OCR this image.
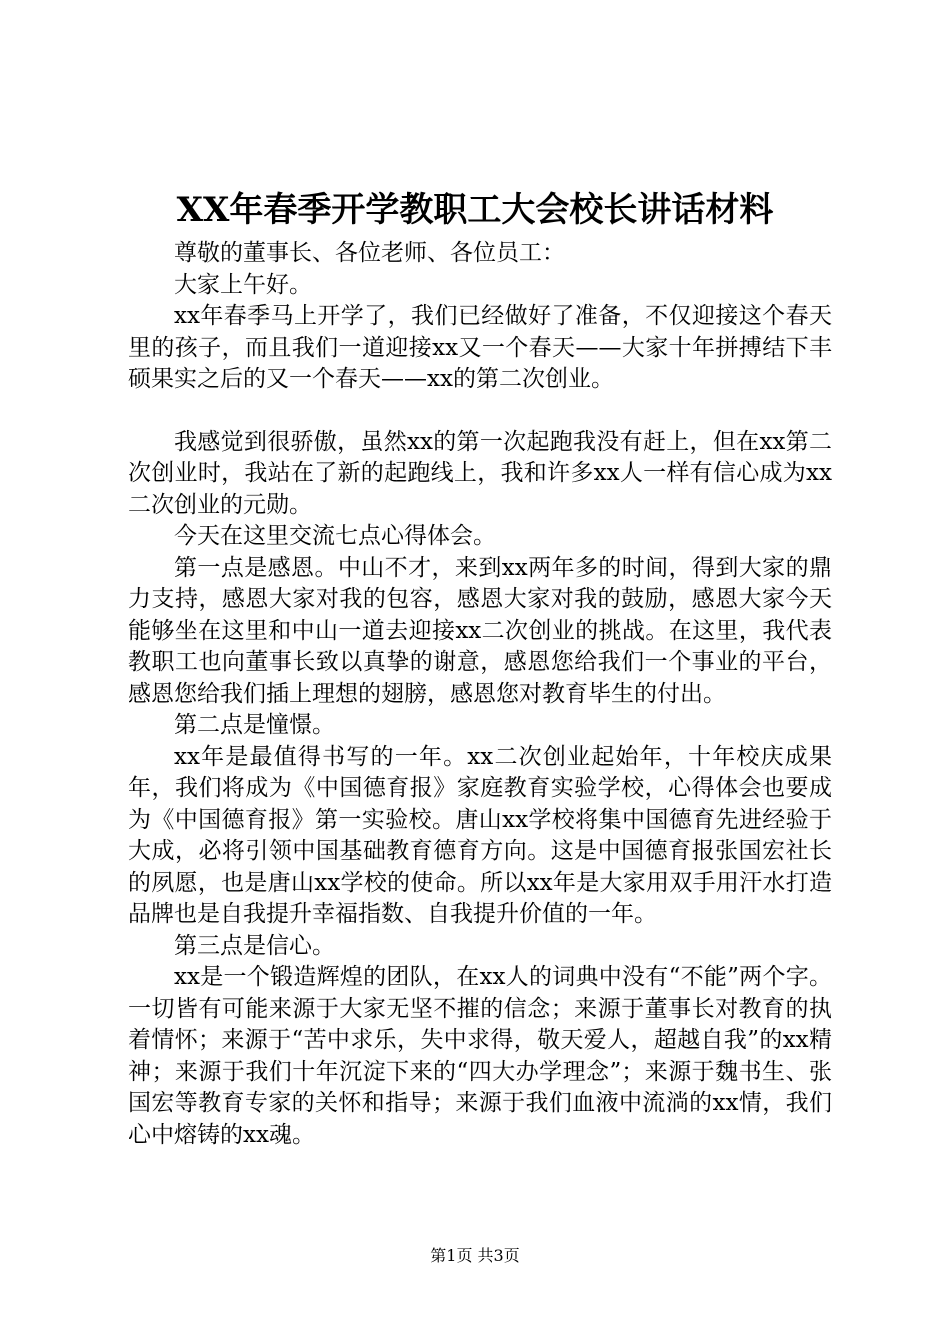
XX年春季开学教职工大会校长讲话材料

尊敬的董事长、各位老师、各位员工：

大家上午好。

xx年春季马上开学了，我们已经做好了准备，不仅迎接这个春天里的孩子，而且我们一道迎接xx又一个春天——大家十年拼搏结下丰硕果实之后的又一个春天——xx的第二次创业。

我感觉到很骄傲，虽然xx的第一次起跑我没有赶上，但在xx第二次创业时，我站在了新的起跑线上，我和许多xx人一样有信心成为xx二次创业的元勋。

今天在这里交流七点心得体会。

第一点是感恩。中山不才，来到xx两年多的时间，得到大家的鼎力支持，感恩大家对我的包容，感恩大家对我的鼓励，感恩大家今天能够坐在这里和中山一道去迎接xx二次创业的挑战。在这里，我代表教职工也向董事长致以真挚的谢意，感恩您给我们一个事业的平台，感恩您给我们插上理想的翅膀，感恩您对教育毕生的付出。

第二点是憧憬。

xx年是最值得书写的一年。xx二次创业起始年，十年校庆成果年，我们将成为《中国德育报》家庭教育实验学校，心得体会也要成为《中国德育报》第一实验校。唐山xx学校将集中国德育先进经验于大成，必将引领中国基础教育德育方向。这是中国德育报张国宏社长的夙愿，也是唐山xx学校的使命。所以xx年是大家用双手用汗水打造品牌也是自我提升幸福指数、自我提升价值的一年。

第三点是信心。

xx是一个锻造辉煌的团队，在xx人的词典中没有“不能”两个字。一切皆有可能来源于大家无坚不摧的信念；来源于董事长对教育的执着情怀；来源于“苦中求乐，失中求得，敬天爱人，超越自我”的xx精神；来源于我们十年沉淀下来的“四大办学理念”；来源于魏书生、张国宏等教育专家的关怀和指导；来源于我们血液中流淌的xx情，我们心中熔铸的xx魂。

第1页 共3页
